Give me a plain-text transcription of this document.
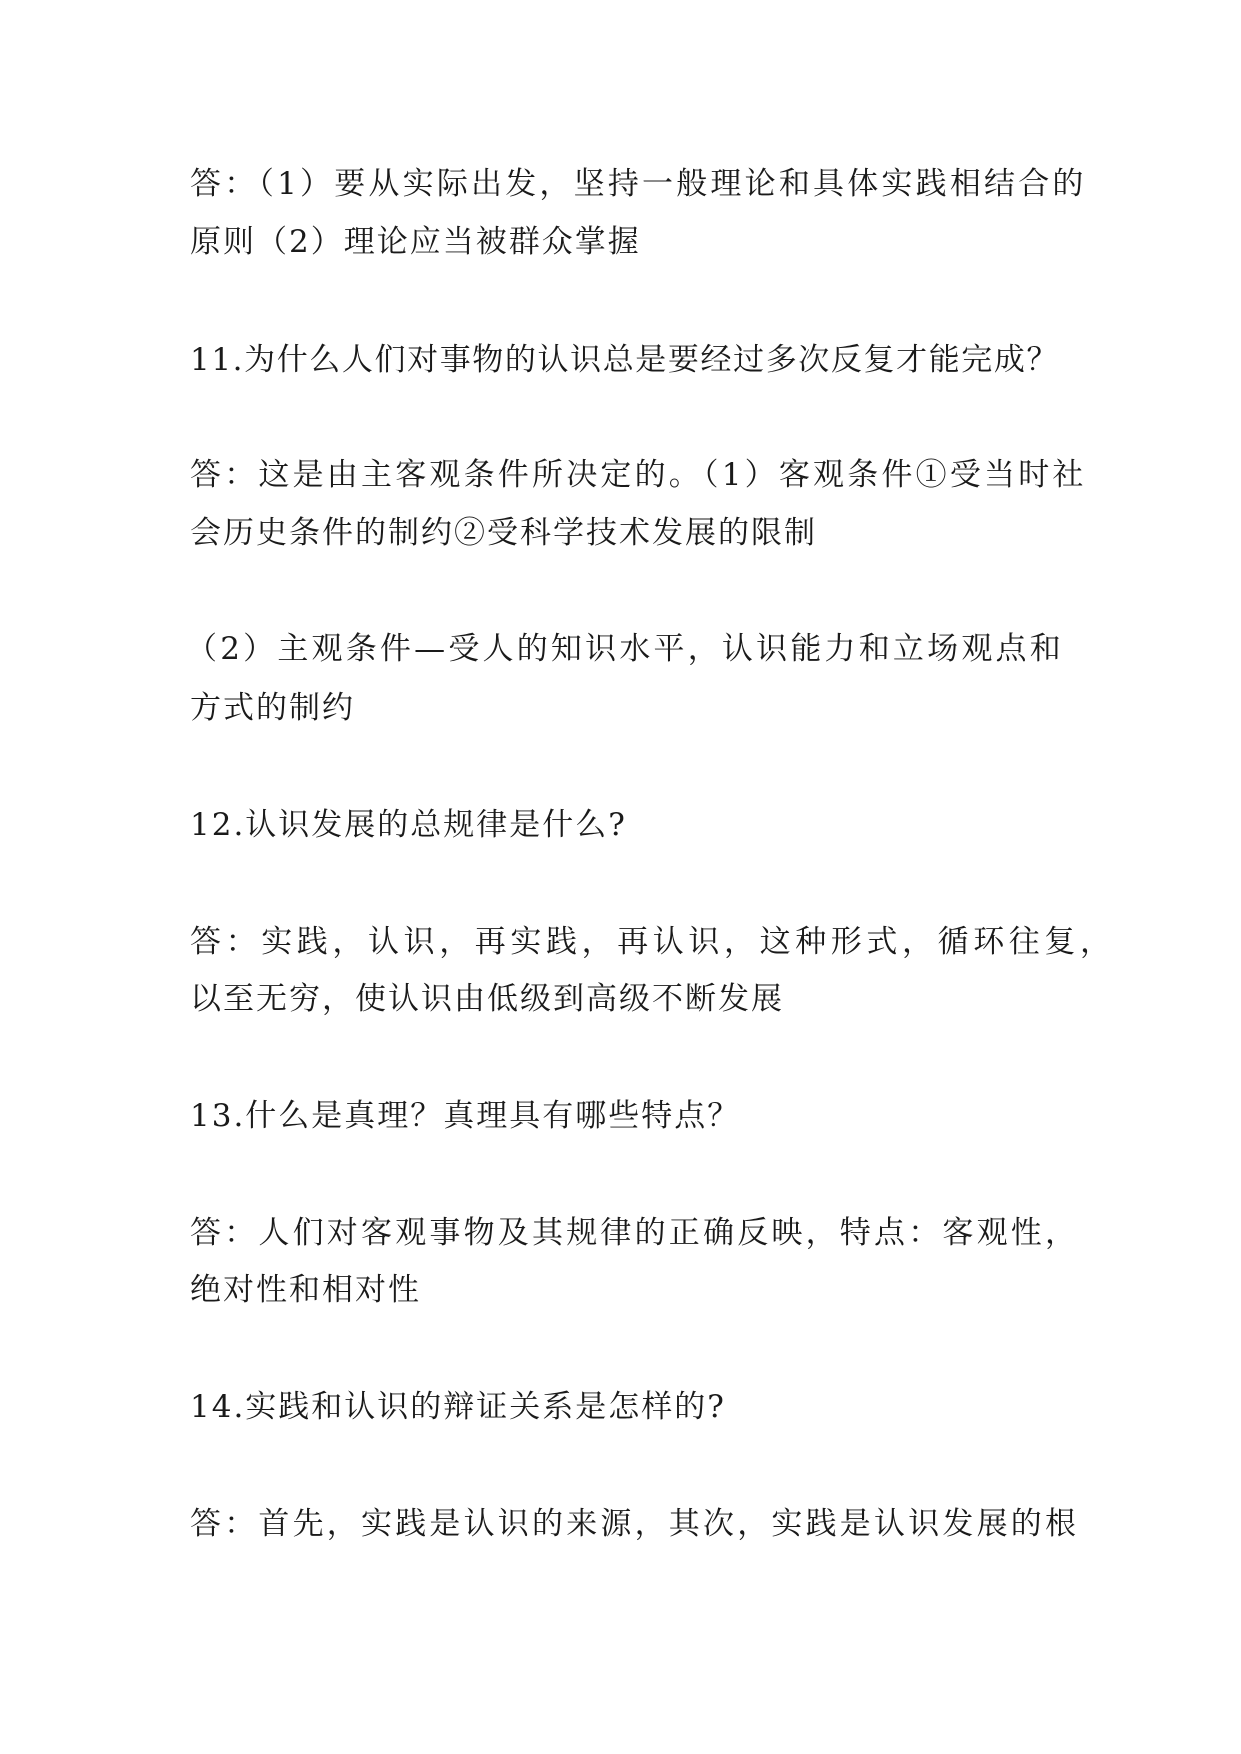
答：（1）要从实际出发，坚持一般理论和具体实践相结合的
原则（2）理论应当被群众掌握
11.为什么人们对事物的认识总是要经过多次反复才能完成？
答：这是由主客观条件所决定的。（1）客观条件①受当时社
会历史条件的制约②受科学技术发展的限制
（2）主观条件—受人的知识水平，认识能力和立场观点和
方式的制约
12.认识发展的总规律是什么?
答：实践，认识，再实践，再认识，这种形式，循环往复，
以至无穷，使认识由低级到高级不断发展
13.什么是真理？真理具有哪些特点？
答：人们对客观事物及其规律的正确反映，特点：客观性，
绝对性和相对性
14.实践和认识的辩证关系是怎样的?
答：首先，实践是认识的来源，其次，实践是认识发展的根
